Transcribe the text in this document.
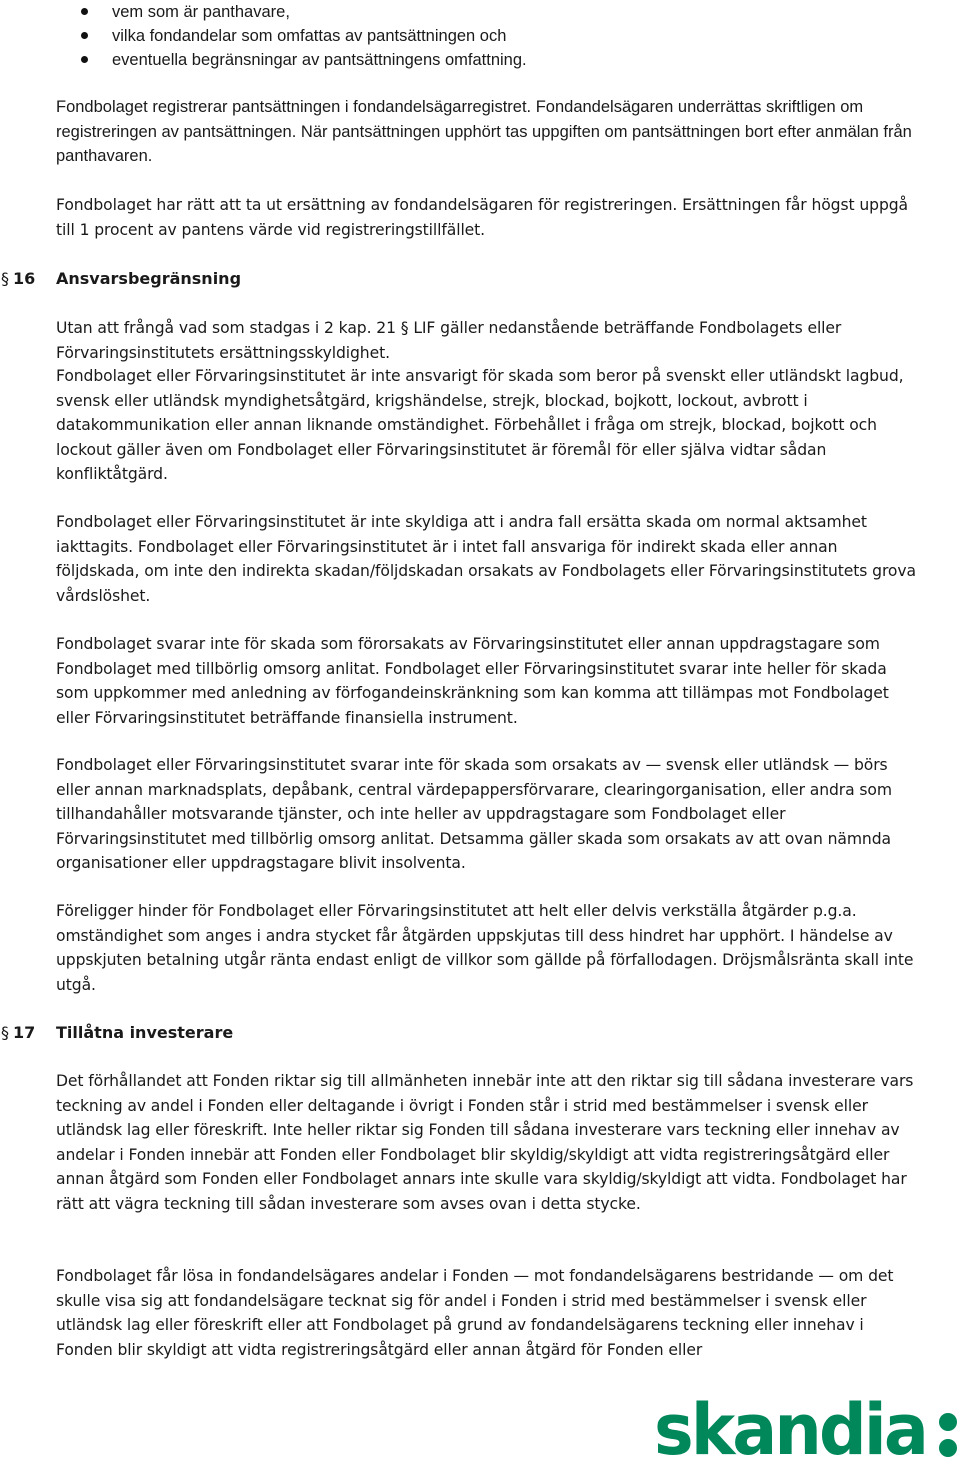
vem som är panthavare,
vilka fondandelar som omfattas av pantsättningen och
eventuella begränsningar av pantsättningens omfattning.

Fondbolaget registrerar pantsättningen i fondandelsägarregistret. Fondandelsägaren underrättas skriftligen om registreringen av pantsättningen. När pantsättningen upphört tas uppgiften om pantsättningen bort efter anmälan från panthavaren.

Fondbolaget har rätt att ta ut ersättning av fondandelsägaren för registreringen. Ersättningen får högst uppgå till 1 procent av pantens värde vid registreringstillfället.

§ 16 Ansvarsbegränsning

Utan att frångå vad som stadgas i 2 kap. 21 § LIF gäller nedanstående beträffande Fondbolagets eller Förvaringsinstitutets ersättningsskyldighet.

Fondbolaget eller Förvaringsinstitutet är inte ansvarigt för skada som beror på svenskt eller utländskt lagbud, svensk eller utländsk myndighetsåtgärd, krigshändelse, strejk, blockad, bojkott, lockout, avbrott i datakommunikation eller annan liknande omständighet. Förbehållet i fråga om strejk, blockad, bojkott och lockout gäller även om Fondbolaget eller Förvaringsinstitutet är föremål för eller själva vidtar sådan konfliktåtgärd.

Fondbolaget eller Förvaringsinstitutet är inte skyldiga att i andra fall ersätta skada om normal aktsamhet iakttagits. Fondbolaget eller Förvaringsinstitutet är i intet fall ansvariga för indirekt skada eller annan följdskada, om inte den indirekta skadan/följdskadan orsakats av Fondbolagets eller Förvaringsinstitutets grova vårdslöshet.

Fondbolaget svarar inte för skada som förorsakats av Förvaringsinstitutet eller annan uppdragstagare som Fondbolaget med tillbörlig omsorg anlitat. Fondbolaget eller Förvaringsinstitutet svarar inte heller för skada som uppkommer med anledning av förfogandeinskränkning som kan komma att tillämpas mot Fondbolaget eller Förvaringsinstitutet beträffande finansiella instrument.

Fondbolaget eller Förvaringsinstitutet svarar inte för skada som orsakats av — svensk eller utländsk — börs eller annan marknadsplats, depåbank, central värdepappersförvarare, clearingorganisation, eller andra som tillhandahåller motsvarande tjänster, och inte heller av uppdragstagare som Fondbolaget eller Förvaringsinstitutet med tillbörlig omsorg anlitat. Detsamma gäller skada som orsakats av att ovan nämnda organisationer eller uppdragstagare blivit insolventa.

Föreligger hinder för Fondbolaget eller Förvaringsinstitutet att helt eller delvis verkställa åtgärder p.g.a. omständighet som anges i andra stycket får åtgärden uppskjutas till dess hindret har upphört. I händelse av uppskjuten betalning utgår ränta endast enligt de villkor som gällde på förfallodagen. Dröjsmålsränta skall inte utgå.

§ 17 Tillåtna investerare

Det förhållandet att Fonden riktar sig till allmänheten innebär inte att den riktar sig till sådana investerare vars teckning av andel i Fonden eller deltagande i övrigt i Fonden står i strid med bestämmelser i svensk eller utländsk lag eller föreskrift. Inte heller riktar sig Fonden till sådana investerare vars teckning eller innehav av andelar i Fonden innebär att Fonden eller Fondbolaget blir skyldig/skyldigt att vidta registreringsåtgärd eller annan åtgärd som Fonden eller Fondbolaget annars inte skulle vara skyldig/skyldigt att vidta. Fondbolaget har rätt att vägra teckning till sådan investerare som avses ovan i detta stycke.

Fondbolaget får lösa in fondandelsägares andelar i Fonden — mot fondandelsägarens bestridande — om det skulle visa sig att fondandelsägare tecknat sig för andel i Fonden i strid med bestämmelser i svensk eller utländsk lag eller föreskrift eller att Fondbolaget på grund av fondandelsägarens teckning eller innehav i Fonden blir skyldigt att vidta registreringsåtgärd eller annan åtgärd för Fonden eller

skandia
